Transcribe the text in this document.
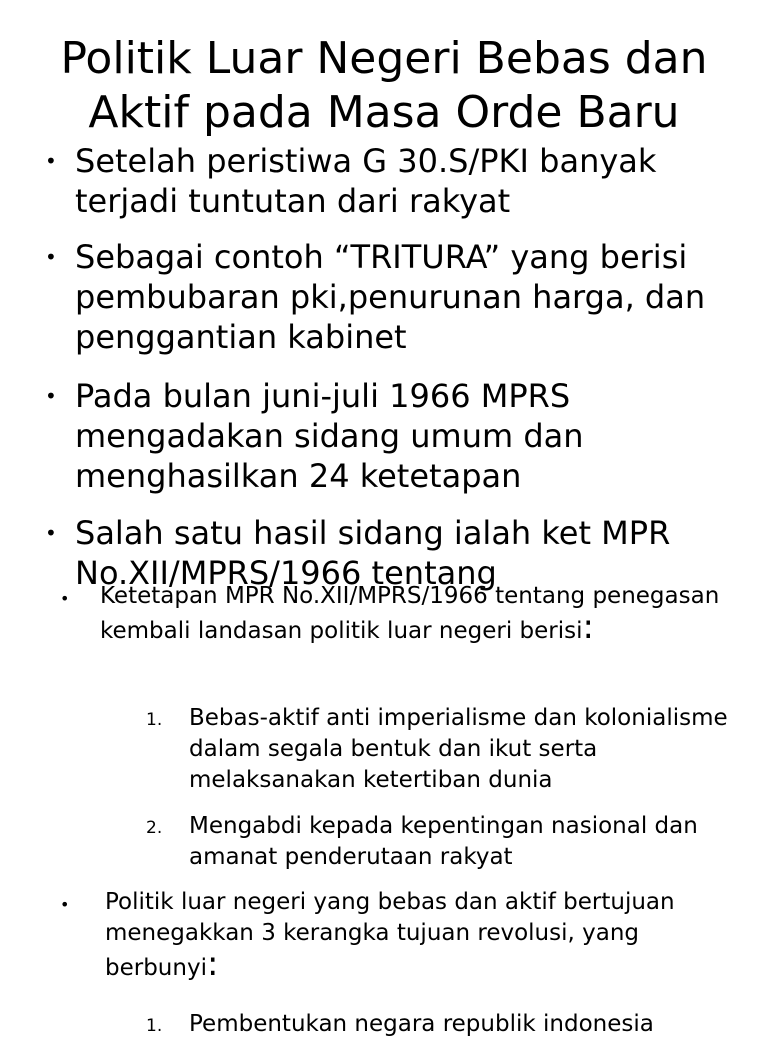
Politik Luar Negeri Bebas dan Aktif pada Masa Orde Baru
• Setelah peristiwa G 30.S/PKI banyak terjadi tuntutan dari rakyat
• Sebagai contoh “TRITURA” yang berisi pembubaran pki,penurunan harga, dan penggantian kabinet
• Pada bulan juni-juli 1966 MPRS mengadakan sidang umum dan menghasilkan 24 ketetapan
• Salah satu hasil sidang ialah ket MPR No.XII/MPRS/1966 tentang
• Ketetapan MPR No.XII/MPRS/1966 tentang penegasan kembali landasan politik luar negeri berisi:
1. Bebas-aktif anti imperialisme dan kolonialisme dalam segala bentuk dan ikut serta melaksanakan ketertiban dunia
2. Mengabdi kepada kepentingan nasional dan amanat penderutaan rakyat
• Politik luar negeri yang bebas dan aktif bertujuan menegakkan 3 kerangka tujuan revolusi, yang berbunyi:
1. Pembentukan negara republik indonesia
